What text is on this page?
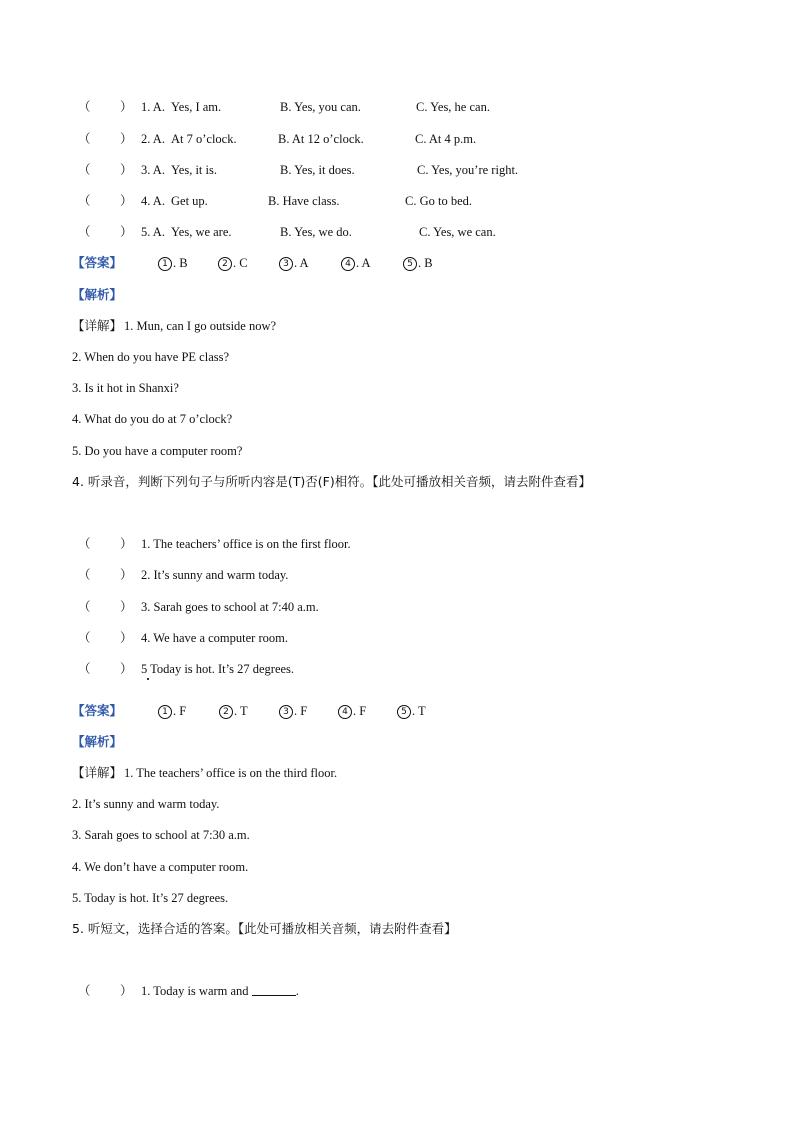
（ ） 1. A. Yes, I am.	B. Yes, you can.	C. Yes, he can.
（ ） 2. A. At 7 o’clock.	B. At 12 o’clock.	C. At 4 p.m.
（ ） 3. A. Yes, it is.	B. Yes, it does.	C. Yes, you’re right.
（ ） 4. A. Get up.	B. Have class.	C. Go to bed.
（ ） 5. A. Yes, we are.	B. Yes, we do.	C. Yes, we can.
【答案】	1 . B	2 . C	3 . A	4 . A	5 . B
【解析】
【详解】 1. Mun, can I go outside now?
2. When do you have PE class?
3. Is it hot in Shanxi?
4. What do you do at 7 o’clock?
5. Do you have a computer room?
4. 听录音，判断下列句子与所听内容是(T)否(F)相符。【此处可播放相关音频，请去附件查看】
（ ） 1. The teachers’ office is on the first floor.
（ ） 2. It’s sunny and warm today.
（ ） 3. Sarah goes to school at 7:40 a.m.
（ ） 4. We have a computer room.
（ ） 5 Today is hot. It’s 27 degrees.
【答案】	1 . F	2 . T	3 . F	4 . F	5 . T
【解析】
【详解】 1. The teachers’ office is on the third floor.
2. It’s sunny and warm today.
3. Sarah goes to school at 7:30 a.m.
4. We don’t have a computer room.
5. Today is hot. It’s 27 degrees.
5. 听短文，选择合适的答案。【此处可播放相关音频，请去附件查看】
（ ） 1. Today is warm and	.
